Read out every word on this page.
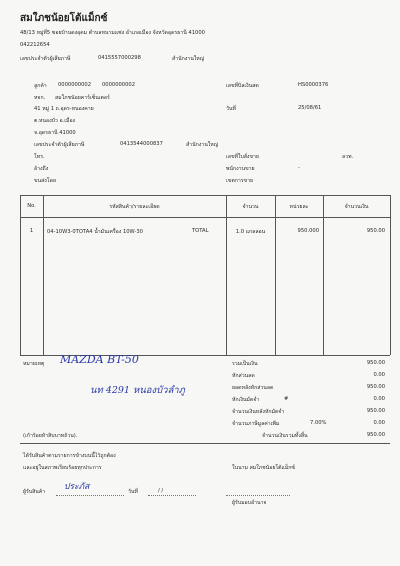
สมใภชน้อยโต้แม็กซ์
48/13 หมู่ที่5 ซอยบ้านดงอุดม ตำบลหนามแซ่ง อำเภอเมือง จังหวัดอุดรธานี 41000
042212654
เลขประจำตัวผู้เสียภาษี	0415557000298	สำนักงานใหญ่
ลูกค้า 0000000002 0000000002
หจก. สมใภชน้อยคาร์เซ็นเตอร์
41 หมู่ 1 ถ.อุดร-หนองคาย
ต.หนองบัว อ.เมือง
จ.อุดรธานี 41000
เลขประจำตัวผู้เสียภาษี	0413544000837	สำนักงานใหญ่
โทร.
อ้างถึง
ขนส่งโดย
เลขที่บิลเงินสด	HS0000376
วันที่	25/08/61
เลขที่ใบสั่งขาย	ลวท.
พนักงานขาย	-
เขตการขาย
No.	รหัสสินค้า/รายละเอียด	จำนวน	หน่วยละ	จำนวนเงิน
1	04-10W3-0TOTA4 น้ำมันเครื่อง 10W-30	TOTAL	1.0 แกลลอน	950.000	950.00
หมายเหตุ MAZDA BT-50
นท 4291 หนองบัวลำภู
รวมเป็นเงิน	950.00
หักส่วนลด	0.00
ยอดหลังหักส่วนลด	950.00
หักเงินมัดจำ	#	0.00
จำนวนเงินหลังหักมัดจำ	950.00
จำนวนภาษีมูลค่าเพิ่ม	7.00%	0.00
(เก้าร้อยห้าสิบบาทถ้วน).	จำนวนเงินรวมทั้งสิ้น	950.00
ได้รับสินค้าตามรายการข้างบนนี้ไว้ถูกต้อง
และอยู่ในสภาพเรียบร้อยทุกประการ	ในนาม สมใภชน้อยโต้แม็กซ์
ผู้รับสินค้า ประภัส	วันที่	/ /
ผู้รับมอบอำนาจ
